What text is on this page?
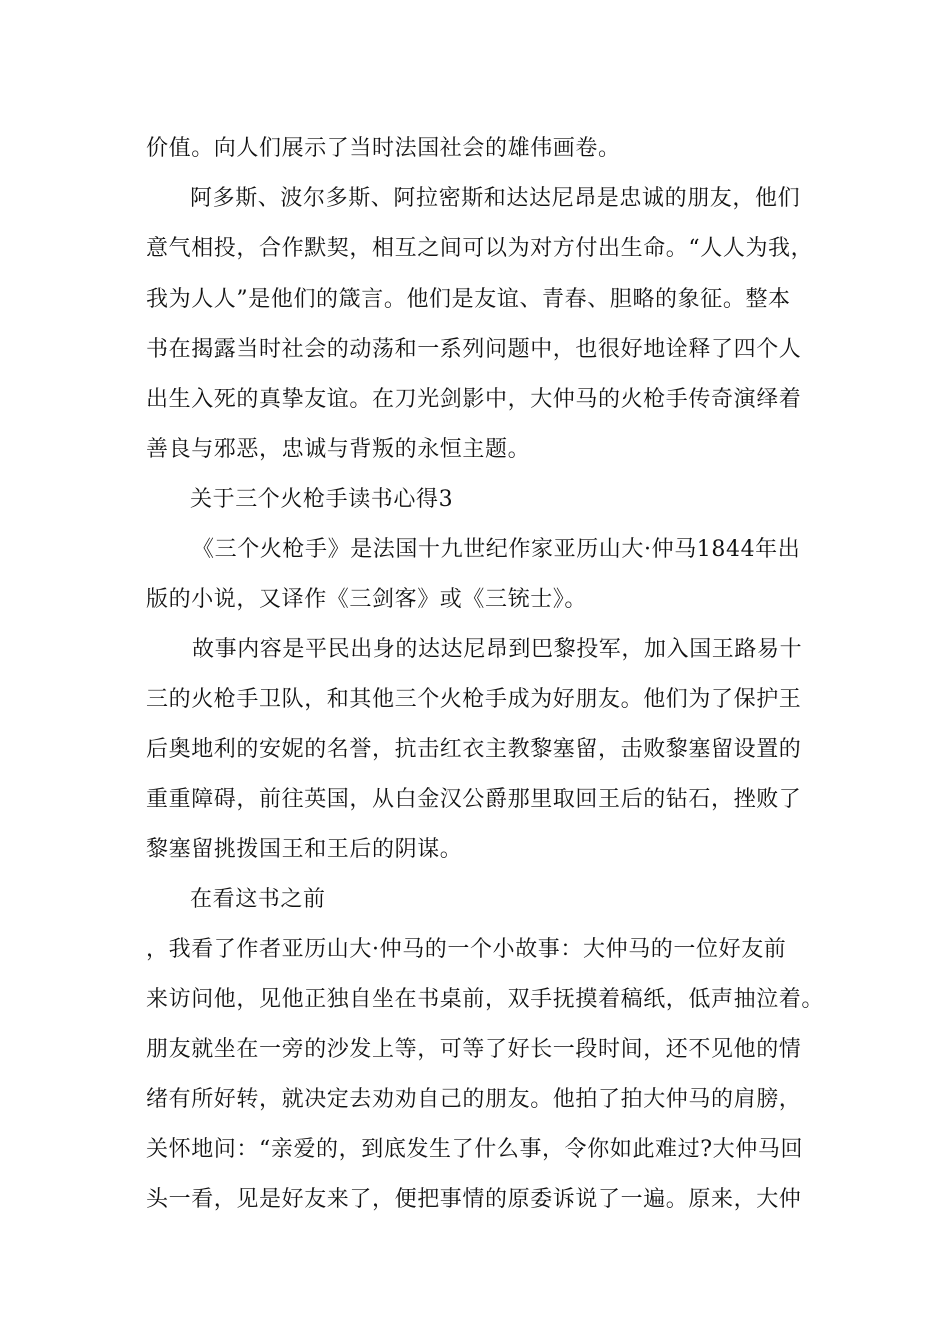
价值。向人们展示了当时法国社会的雄伟画卷。

阿多斯、波尔多斯、阿拉密斯和达达尼昂是忠诚的朋友，他们

意气相投，合作默契，相互之间可以为对方付出生命。“人人为我，

我为人人”是他们的箴言。他们是友谊、青春、胆略的象征。整本

书在揭露当时社会的动荡和一系列问题中，也很好地诠释了四个人

出生入死的真挚友谊。在刀光剑影中，大仲马的火枪手传奇演绎着

善良与邪恶，忠诚与背叛的永恒主题。

关于三个火枪手读书心得3

《三个火枪手》是法国十九世纪作家亚历山大·仲马1844年出

版的小说，又译作《三剑客》或《三铳士》。

故事内容是平民出身的达达尼昂到巴黎投军，加入国王路易十

三的火枪手卫队，和其他三个火枪手成为好朋友。他们为了保护王

后奥地利的安妮的名誉，抗击红衣主教黎塞留，击败黎塞留设置的

重重障碍，前往英国，从白金汉公爵那里取回王后的钻石，挫败了

黎塞留挑拨国王和王后的阴谋。

在看这书之前

，我看了作者亚历山大·仲马的一个小故事：大仲马的一位好友前

来访问他，见他正独自坐在书桌前，双手抚摸着稿纸，低声抽泣着。

朋友就坐在一旁的沙发上等，可等了好长一段时间，还不见他的情

绪有所好转，就决定去劝劝自己的朋友。他拍了拍大仲马的肩膀，

关怀地问：“亲爱的，到底发生了什么事，令你如此难过?大仲马回

头一看，见是好友来了，便把事情的原委诉说了一遍。原来，大仲
